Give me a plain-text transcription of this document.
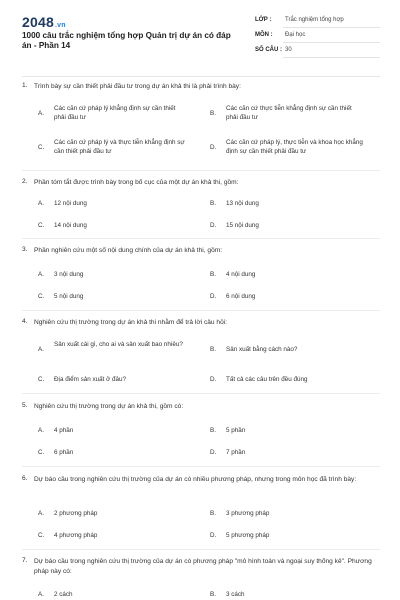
2048.vn
1000 câu trắc nghiệm tổng hợp Quản trị dự án có đáp án - Phần 14
LỚP : Trắc nghiệm tổng hợp
MÔN : Đại học
SỐ CÂU : 30
1. Trình bày sự cần thiết phải đầu tư trong dự án khả thi là phải trình bày:
A.
Các căn cứ pháp lý khẳng định sự cần thiết phải đầu tư
B.
Các căn cứ thực tiễn khẳng định sự cần thiết phải đầu tư
C.
Các căn cứ pháp lý và thực tiễn khẳng định sự cần thiết phải đầu tư
D.
Các căn cứ pháp lý, thực tiễn và khoa học khẳng định sự cần thiết phải đầu tư
2. Phần tóm tắt được trình bày trong bố cục của một dự án khả thi, gồm:
A.	12 nội dung	B.	13 nội dung
C.	14 nội dung	D.	15 nội dung
3. Phần nghiên cứu một số nội dung chính của dự án khả thi, gồm:
A.	3 nội dung	B.	4 nội dung
C.	5 nội dung	D.	6 nội dung
4. Nghiên cứu thị trường trong dự án khả thi nhằm để trả lời câu hỏi:
A.
Sản xuất cái gì, cho ai và sản xuất bao nhiêu?
B.	Sản xuất bằng cách nào?
C.	Địa điểm sản xuất ở đâu?	D.	Tất cả các câu trên đều đúng
5. Nghiên cứu thị trường trong dự án khả thi, gồm có:
A.	4 phần	B.	5 phần
C.	6 phần	D.	7 phần
6. Dự báo cầu trong nghiên cứu thị trường của dự án có nhiều phương pháp, nhưng trong môn học đã trình bày:
A.	2 phương pháp	B.	3 phương pháp
C.	4 phương pháp	D.	5 phương pháp
7. Dự báo cầu trong nghiên cứu thị trường của dự án có phương pháp "mô hình toán và ngoại suy thống kê". Phương pháp này có:
A.	2 cách	B.	3 cách
